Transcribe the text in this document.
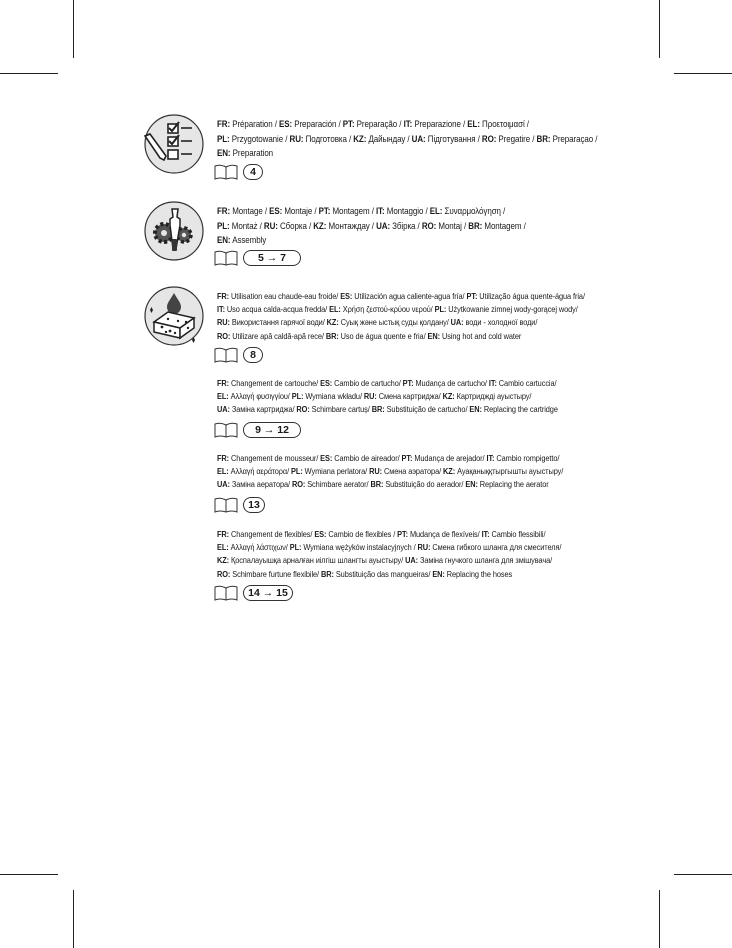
FR: Préparation / ES: Preparación / PT: Preparação / IT: Preparazione / EL: Προετοιμασί /
PL: Przygotowanie / RU: Подготовка / KZ: Дайындау / UA: Підготування / RO: Pregatire / BR: Preparaçao /
EN: Preparation
4
FR: Montage / ES: Montaje / PT: Montagem / IT: Montaggio / EL: Συναρμολόγηση /
PL: Montaż / RU: Сборка / KZ: Монтаждау / UA: Збірка / RO: Montaj / BR: Montagem /
EN: Assembly
5 → 7
FR: Utilisation eau chaude-eau froide/ ES: Utilización agua caliente-agua fría/ PT: Utilização água quente-água fria/
IT: Uso acqua calda-acqua fredda/ EL: Χρήση ζεστού-κρύου νερού/ PL: Użytkowanie zimnej wody-gorącej wody/
RU: Використання гарячої води/ KZ: Суық және ыстық суды қолдану/ UA: води - холодної води/
RO: Utilizare apă caldă-apă rece/ BR: Uso de água quente e fria/ EN: Using hot and cold water
8
FR: Changement de cartouche/ ES: Cambio de cartucho/ PT: Mudança de cartucho/ IT: Cambio cartuccia/
EL: Αλλαγή φυσιγγίου/ PL: Wymiana wkładu/ RU: Смена картриджа/ KZ: Картриджді ауыстыру/
UA: Заміна картриджа/ RO: Schimbare cartuș/ BR: Substituição de cartucho/ EN: Replacing the cartridge
9 → 12
FR: Changement de mousseur/ ES: Cambio de aireador/ PT: Mudança de arejador/ IT: Cambio rompigetto/
EL: Αλλαγή αεράτορα/ PL: Wymiana perlatora/ RU: Смена аэратора/ KZ: Ауақаныққтыргышты ауыстыру/
UA: Заміна аератора/ RO: Schimbare aerator/ BR: Substituição do aerador/ EN: Replacing the aerator
13
FR: Changement de flexibles/ ES: Cambio de flexibles / PT: Mudança de flexíveis/ IT: Cambio flessibili/
EL: Αλλαγή λάστιχων/ PL: Wymiana wężyków instalacyjnych / RU: Смена гибкого шланга для смесителя/
KZ: Қоспалауышқа арналған иілгіш шлангты ауыстыру/ UA: Заміна гнучкого шланга для змішувача/
RO: Schimbare furtune flexibile/ BR: Substituição das mangueiras/ EN: Replacing the hoses
14 → 15
